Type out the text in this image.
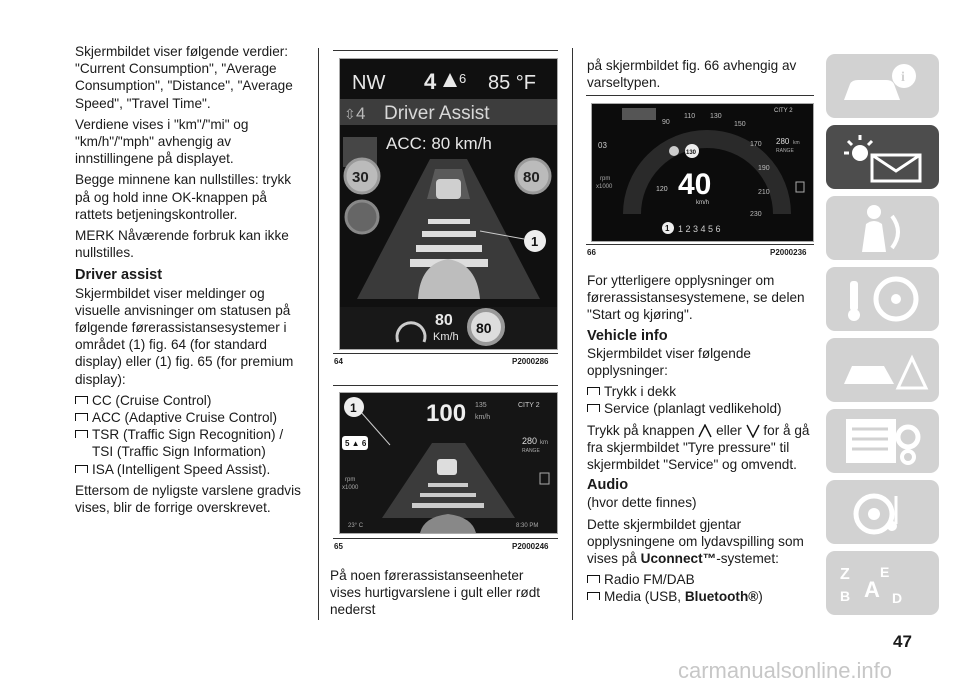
Skjermbildet viser følgende verdier: "Current Consumption", "Average Consumption", "Distance", "Average Speed", "Travel Time".

Verdiene vises i "km"/"mi" og "km/h"/"mph" avhengig av innstillingene på displayet.

Begge minnene kan nullstilles: trykk på og hold inne OK-knappen på rattets betjeningskontroller.

MERK Nåværende forbruk kan ikke nullstilles.

Driver assist

Skjermbildet viser meldinger og visuelle anvisninger om statusen på følgende førerassistansesystemer i området (1) fig. 64 (for standard display) eller (1) fig. 65 (for premium display):

CC (Cruise Control)
ACC (Adaptive Cruise Control)
TSR (Traffic Sign Recognition) / TSI (Traffic Sign Information)
ISA (Intelligent Speed Assist).

Ettersom de nyligste varslene gradvis vises, blir de forrige overskrevet.

NW 4 6 85 °F
⇳ 4 Driver Assist
ACC: 80 km/h
30	80
1
80
Km/h
80
64	P2000286
100 135
km/h
CITY 2
5 ▲ 6
rpm
x1000
280 km
RANGE
1
23° C	8:30 PM
65	P2000246

På noen førerassistanseenheter vises hurtigvarslene i gult eller rødt nederst

på skjermbildet fig. 66 avhengig av varseltypen.

90
110 130
150
170
190
210
230
03
rpm
x1000
130
120 40
km/h
CITY 2
280 km
RANGE
1 1 2 3 4 5 6
66	P2000236

For ytterligere opplysninger om førerassistansesystemene, se delen "Start og kjøring".

Vehicle info

Skjermbildet viser følgende opplysninger:

Trykk i dekk
Service (planlagt vedlikehold)

Trykk på knappen eller for å gå fra skjermbildet "Tyre pressure" til skjermbildet "Service" og omvendt.

Audio

(hvor dette finnes)

Dette skjermbildet gjentar opplysningene om lydavspilling som vises på Uconnect™-systemet:

Radio FM/DAB
Media (USB, Bluetooth®)
i
Z E
B A D
47
carmanualsonline.info
